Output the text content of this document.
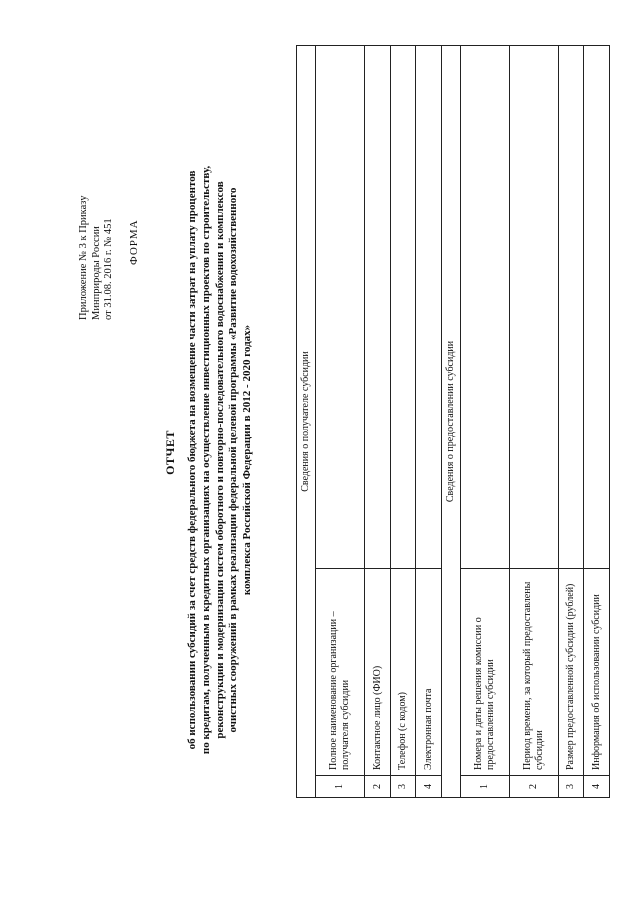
Приложение № 3 к Приказу Минприроды России от 31.08. 2016 г. № 451 ФОРМА
ОТЧЕТ об использовании субсидий за счет средств федерального бюджета на возмещение части затрат на уплату процентов по кредитам, полученным в кредитных организациях на осуществление инвестиционных проектов по строительству, реконструкции и модернизации систем оборотного и повторно-последовательного водоснабжения и комплексов очистных сооружений в рамках реализации федеральной целевой программы «Развитие водохозяйственного комплекса Российской Федерации в 2012 - 2020 годах»	Сведения о получателе субсидии		
1	Полное наименование организации – получателя субсидии	
2	Контактное лицо (ФИО)	
3	Телефон (с кодом)	
4	Электронная почта	
Сведения о предоставлении субсидии		
1	Номера и даты решения комиссии о предоставлении субсидии	
2	Период времени, за который предоставлены субсидии	
3	Размер предоставленной субсидии (рублей)	
4	Информация об использовании субсидии	
